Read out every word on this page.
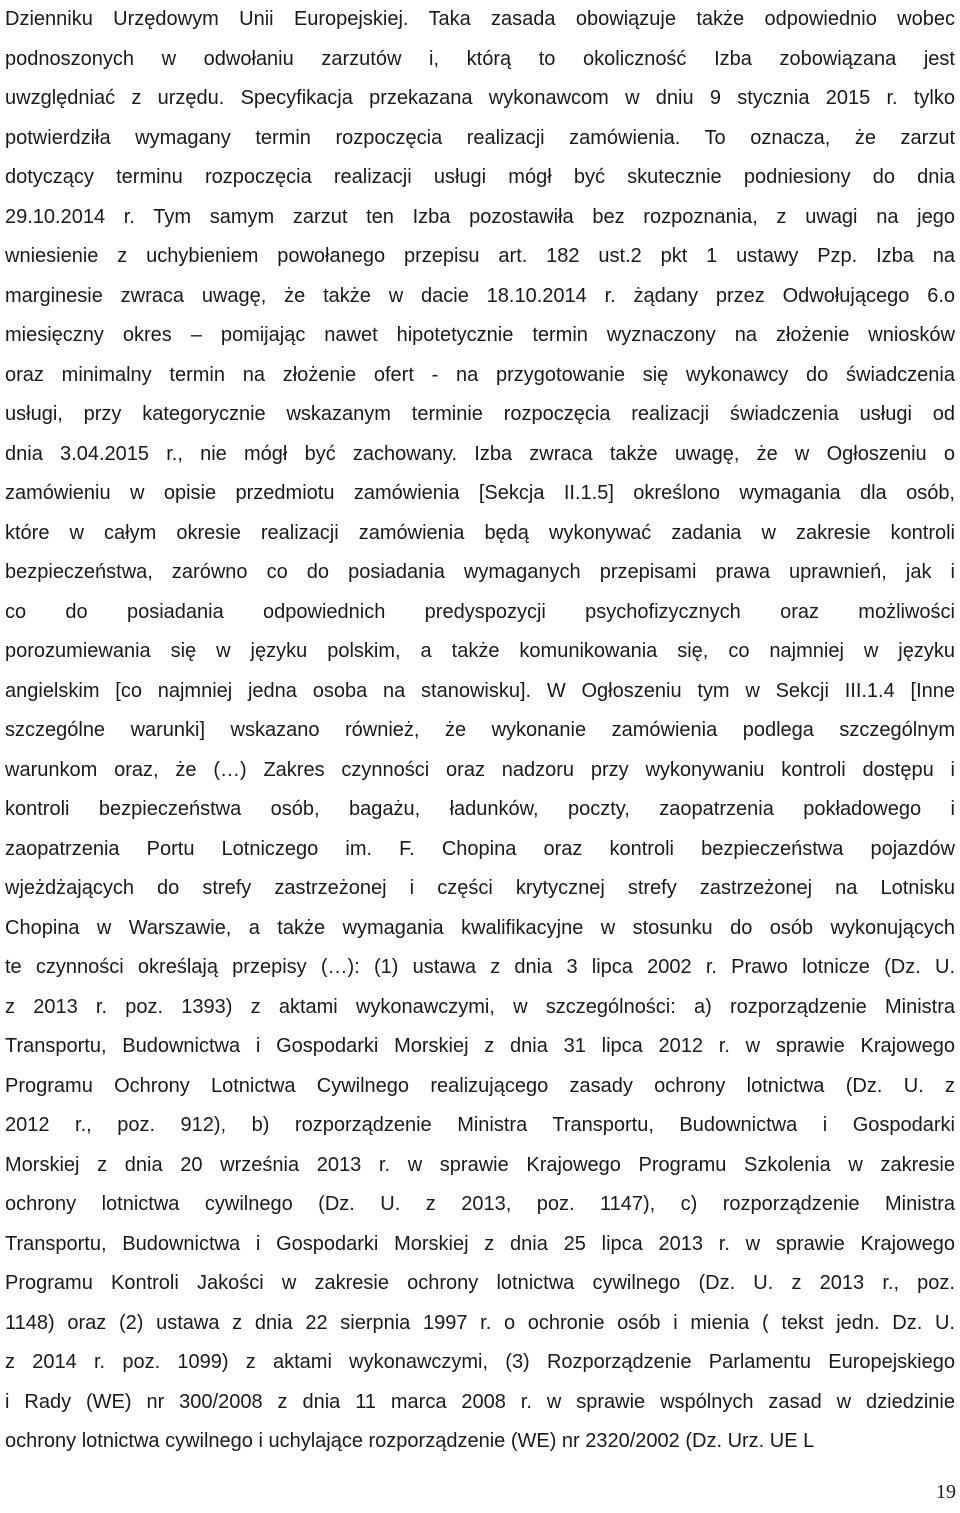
Dzienniku Urzędowym Unii Europejskiej. Taka zasada obowiązuje także odpowiednio wobec
podnoszonych w odwołaniu zarzutów i, którą to okoliczność Izba zobowiązana jest
uwzględniać z urzędu. Specyfikacja przekazana wykonawcom w dniu 9 stycznia 2015 r. tylko
potwierdziła wymagany termin rozpoczęcia realizacji zamówienia. To oznacza, że zarzut
dotyczący terminu rozpoczęcia realizacji usługi mógł być skutecznie podniesiony do dnia
29.10.2014 r. Tym samym zarzut ten Izba pozostawiła bez rozpoznania, z uwagi na jego
wniesienie z uchybieniem powołanego przepisu art. 182 ust.2 pkt 1 ustawy Pzp. Izba na
marginesie zwraca uwagę, że także w dacie 18.10.2014 r. żądany przez Odwołującego 6.o
miesięczny okres – pomijając nawet hipotetycznie termin wyznaczony na złożenie wniosków
oraz minimalny termin na złożenie ofert - na przygotowanie się wykonawcy do świadczenia
usługi, przy kategorycznie wskazanym terminie rozpoczęcia realizacji świadczenia usługi od
dnia 3.04.2015 r., nie mógł być zachowany. Izba zwraca także uwagę, że w Ogłoszeniu o
zamówieniu w opisie przedmiotu zamówienia [Sekcja II.1.5] określono wymagania dla osób,
które w całym okresie realizacji zamówienia będą wykonywać zadania w zakresie kontroli
bezpieczeństwa, zarówno co do posiadania wymaganych przepisami prawa uprawnień, jak i
co do posiadania odpowiednich predyspozycji psychofizycznych oraz możliwości
porozumiewania się w języku polskim, a także komunikowania się, co najmniej w języku
angielskim [co najmniej jedna osoba na stanowisku]. W Ogłoszeniu tym w Sekcji III.1.4 [Inne
szczególne warunki] wskazano również, że wykonanie zamówienia podlega szczególnym
warunkom oraz, że (…) Zakres czynności oraz nadzoru przy wykonywaniu kontroli dostępu i
kontroli bezpieczeństwa osób, bagażu, ładunków, poczty, zaopatrzenia pokładowego i
zaopatrzenia Portu Lotniczego im. F. Chopina oraz kontroli bezpieczeństwa pojazdów
wjeżdżających do strefy zastrzeżonej i części krytycznej strefy zastrzeżonej na Lotnisku
Chopina w Warszawie, a także wymagania kwalifikacyjne w stosunku do osób wykonujących
te czynności określają przepisy (…): (1) ustawa z dnia 3 lipca 2002 r. Prawo lotnicze (Dz. U.
z 2013 r. poz. 1393) z aktami wykonawczymi, w szczególności: a) rozporządzenie Ministra
Transportu, Budownictwa i Gospodarki Morskiej z dnia 31 lipca 2012 r. w sprawie Krajowego
Programu Ochrony Lotnictwa Cywilnego realizującego zasady ochrony lotnictwa (Dz. U. z
2012 r., poz. 912), b) rozporządzenie Ministra Transportu, Budownictwa i Gospodarki
Morskiej z dnia 20 września 2013 r. w sprawie Krajowego Programu Szkolenia w zakresie
ochrony lotnictwa cywilnego (Dz. U. z 2013, poz. 1147), c) rozporządzenie Ministra
Transportu, Budownictwa i Gospodarki Morskiej z dnia 25 lipca 2013 r. w sprawie Krajowego
Programu Kontroli Jakości w zakresie ochrony lotnictwa cywilnego (Dz. U. z 2013 r., poz.
1148) oraz (2) ustawa z dnia 22 sierpnia 1997 r. o ochronie osób i mienia ( tekst jedn. Dz. U.
z 2014 r. poz. 1099) z aktami wykonawczymi, (3) Rozporządzenie Parlamentu Europejskiego
i Rady (WE) nr 300/2008 z dnia 11 marca 2008 r. w sprawie wspólnych zasad w dziedzinie
ochrony lotnictwa cywilnego i uchylające rozporządzenie (WE) nr 2320/2002 (Dz. Urz. UE L
19
